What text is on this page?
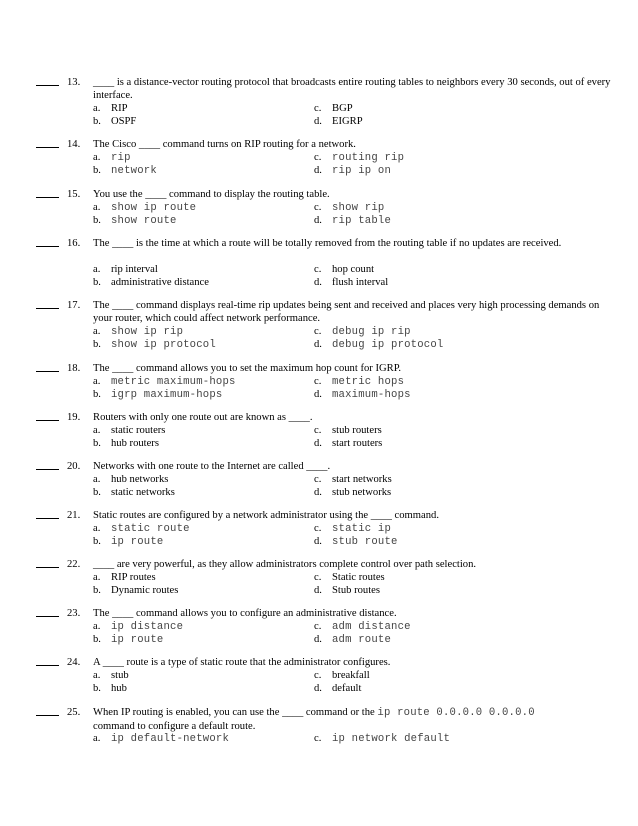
13. ____ is a distance-vector routing protocol that broadcasts entire routing tables to neighbors every 30 seconds, out of every interface.
a. RIP	c. BGP
b. OSPF	d. EIGRP
14. The Cisco ____ command turns on RIP routing for a network.
a. rip	c. routing rip
b. network	d. rip ip on
15. You use the ____ command to display the routing table.
a. show ip route	c. show rip
b. show route	d. rip table
16. The ____ is the time at which a route will be totally removed from the routing table if no updates are received.
a. rip interval	c. hop count
b. administrative distance	d. flush interval
17. The ____ command displays real-time rip updates being sent and received and places very high processing demands on your router, which could affect network performance.
a. show ip rip	c. debug ip rip
b. show ip protocol	d. debug ip protocol
18. The ____ command allows you to set the maximum hop count for IGRP.
a. metric maximum-hops	c. metric hops
b. igrp maximum-hops	d. maximum-hops
19. Routers with only one route out are known as ____.
a. static routers	c. stub routers
b. hub routers	d. start routers
20. Networks with one route to the Internet are called ____.
a. hub networks	c. start networks
b. static networks	d. stub networks
21. Static routes are configured by a network administrator using the ____ command.
a. static route	c. static ip
b. ip route	d. stub route
22. ____ are very powerful, as they allow administrators complete control over path selection.
a. RIP routes	c. Static routes
b. Dynamic routes	d. Stub routes
23. The ____ command allows you to configure an administrative distance.
a. ip distance	c. adm distance
b. ip route	d. adm route
24. A ____ route is a type of static route that the administrator configures.
a. stub	c. breakfall
b. hub	d. default
25. When IP routing is enabled, you can use the ____ command or the ip route 0.0.0.0 0.0.0.0
command to configure a default route.
a. ip default-network	c. ip network default
